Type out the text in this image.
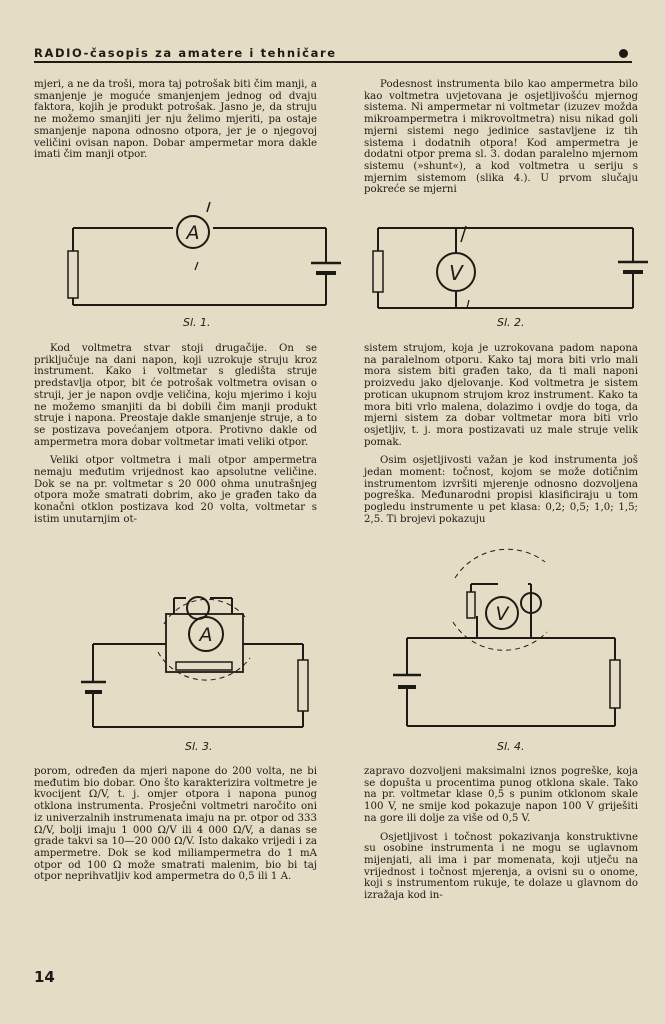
RADIO-časopis za amatere i tehničare

mjeri, a ne da troši, mora taj potrošak biti čim manji, a smanjenje je moguće smanjenjem jednog od dvaju faktora, kojih je produkt potrošak. Jasno je, da struju ne možemo smanjiti jer nju želimo mjeriti, pa ostaje smanjenje napona odnosno otpora, jer je o njegovoj veličini ovisan napon. Dobar ampermetar mora dakle imati čim manji otpor.

Podesnost instrumenta bilo kao ampermetra bilo kao voltmetra uvjetovana je osjetljivošću mjernog sistema. Ni ampermetar ni voltmetar (izuzev možda mikroampermetra i mikrovoltmetra) nisu nikad goli mjerni sistemi nego jedinice sastavljene iz tih sistema i dodatnih otpora! Kod ampermetra je dodatni otpor prema sl. 3. dodan paralelno mjernom sistemu (»shunt«), a kod voltmetra u seriju s mjernim sistemom (slika 4.). U prvom slučaju pokreće se mjerni

A
Sl. 1.
V
Sl. 2.

Kod voltmetra stvar stoji drugačije. On se priključuje na dani napon, koji uzrokuje struju kroz instrument. Kako i voltmetar s gledišta struje predstavlja otpor, bit će potrošak voltmetra ovisan o struji, jer je napon ovdje veličina, koju mjerimo i koju ne možemo smanjiti da bi dobili čim manji produkt struje i napona. Preostaje dakle smanjenje struje, a to se postizava povećanjem otpora. Protivno dakle od ampermetra mora dobar voltmetar imati veliki otpor.

Veliki otpor voltmetra i mali otpor ampermetra nemaju međutim vrijednost kao apsolutne veličine. Dok se na pr. voltmetar s 20 000 ohma unutrašnjeg otpora može smatrati dobrim, ako je građen tako da konačni otklon postizava kod 20 volta, voltmetar s istim unutarnjim ot-

sistem strujom, koja je uzrokovana padom napona na paralelnom otporu. Kako taj mora biti vrlo mali mora sistem biti građen tako, da ti mali naponi proizvedu jako djelovanje. Kod voltmetra je sistem protican ukupnom strujom kroz instrument. Kako ta mora biti vrlo malena, dolazimo i ovdje do toga, da mjerni sistem za dobar voltmetar mora biti vrlo osjetljiv, t. j. mora postizavati uz male struje velik pomak.

Osim osjetljivosti važan je kod instrumenta još jedan moment: točnost, kojom se može dotičnim instrumentom izvršiti mjerenje odnosno dozvoljena pogreška. Međunarodni propisi klasificiraju u tom pogledu instrumente u pet klasa: 0,2; 0,5; 1,0; 1,5; 2,5. Ti brojevi pokazuju

A
Sl. 3.
V
Sl. 4.

porom, određen da mjeri napone do 200 volta, ne bi međutim bio dobar. Ono što karakterizira voltmetre je kvocijent Ω/V, t. j. omjer otpora i napona punog otklona instrumenta. Prosječni voltmetri naročito oni iz univerzalnih instrumenata imaju na pr. otpor od 333 Ω/V, bolji imaju 1 000 Ω/V ili 4 000 Ω/V, a danas se grade takvi sa 10—20 000 Ω/V. Isto dakako vrijedi i za ampermetre. Dok se kod miliampermetra do 1 mA otpor od 100 Ω može smatrati malenim, bio bi taj otpor neprihvatljiv kod ampermetra do 0,5 ili 1 A.

zapravo dozvoljeni maksimalni iznos pogreške, koja se dopušta u procentima punog otklona skale. Tako na pr. voltmetar klase 0,5 s punim otklonom skale 100 V, ne smije kod pokazuje napon 100 V griješiti na gore ili dolje za više od 0,5 V.

Osjetljivost i točnost pokazivanja konstruktivne su osobine instrumenta i ne mogu se uglavnom mijenjati, ali ima i par momenata, koji utječu na vrijednost i točnost mjerenja, a ovisni su o onome, koji s instrumentom rukuje, te dolaze u glavnom do izražaja kod in-

14
